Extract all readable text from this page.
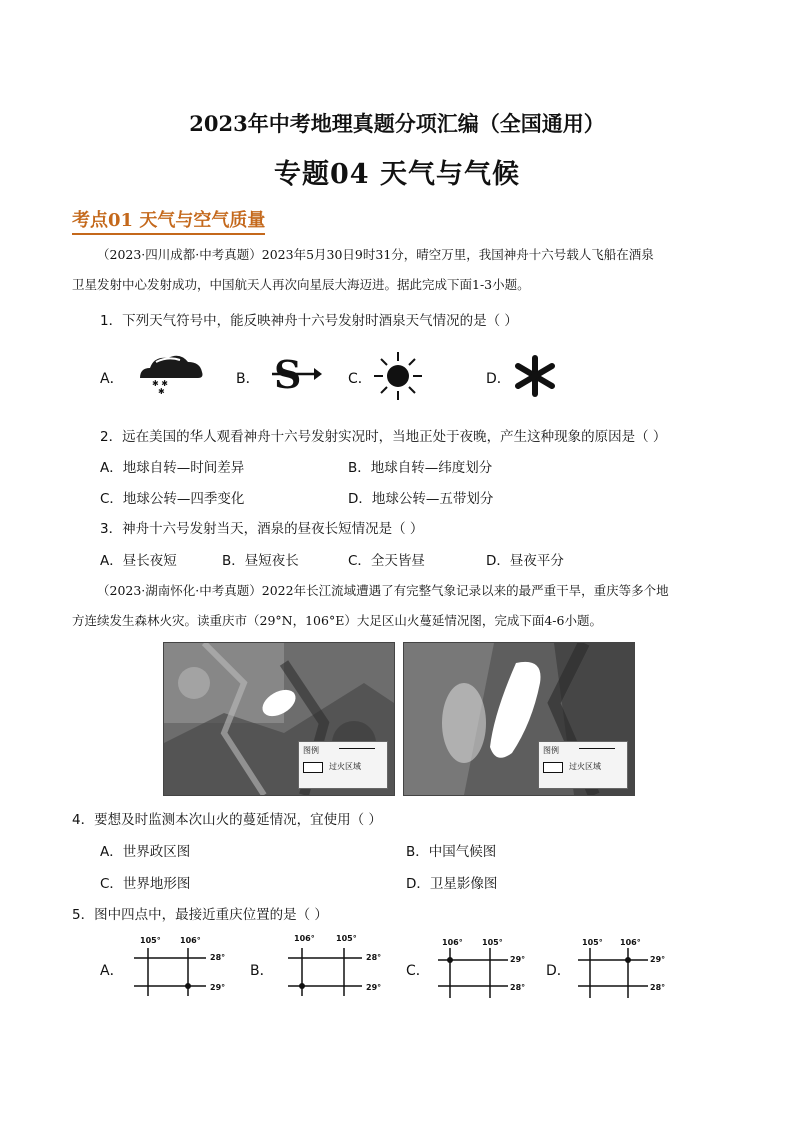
2023年中考地理真题分项汇编（全国通用）
专题04 天气与气候
考点01 天气与空气质量
（2023·四川成都·中考真题）2023年5月30日9时31分，晴空万里，我国神舟十六号载人飞船在酒泉
卫星发射中心发射成功，中国航天人再次向星辰大海迈进。据此完成下面1-3小题。
1．下列天气符号中，能反映神舟十六号发射时酒泉天气情况的是（ ）
A．	✱ ✱
✱
B． S	C．	D．
2．远在美国的华人观看神舟十六号发射实况时，当地正处于夜晚，产生这种现象的原因是（ ）
A．地球自转—时间差异	B．地球自转—纬度划分
C．地球公转—四季变化	D．地球公转—五带划分
3．神舟十六号发射当天，酒泉的昼夜长短情况是（ ）
A．昼长夜短	B．昼短夜长	C．全天皆昼	D．昼夜平分
（2023·湖南怀化·中考真题）2022年长江流域遭遇了有完整气象记录以来的最严重干旱，重庆等多个地
方连续发生森林火灾。读重庆市（29°N，106°E）大足区山火蔓延情况图，完成下面4-6小题。
图例
过火区域
图例
过火区域
4．要想及时监测本次山火的蔓延情况，宜使用（ ）
A．世界政区图	B．中国气候图
C．世界地形图	D．卫星影像图
5．图中四点中，最接近重庆位置的是（ ）
A．
105° 106°
28°
29°
B．
106°	105°
28°
29°
C．
106° 105°
29°
28°
D．
105° 106°
29°
28°
